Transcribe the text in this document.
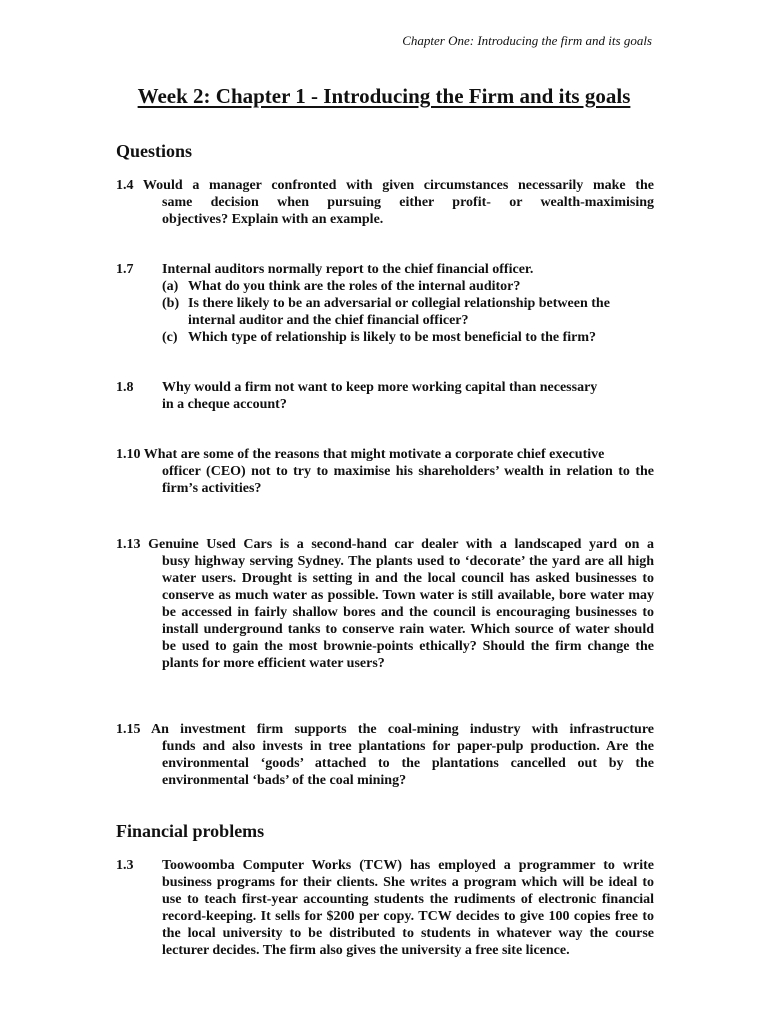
Chapter One: Introducing the firm and its goals
Week 2: Chapter 1 - Introducing the Firm and its goals
Questions
1.4 Would a manager confronted with given circumstances necessarily make the
same decision when pursuing either profit- or wealth-maximising
objectives? Explain with an example.
1.7	Internal auditors normally report to the chief financial officer.
(a) What do you think are the roles of the internal auditor?
(b) Is there likely to be an adversarial or collegial relationship between the internal auditor and the chief financial officer?
(c) Which type of relationship is likely to be most beneficial to the firm?
1.8	Why would a firm not want to keep more working capital than necessary
in a cheque account?
1.10 What are some of the reasons that might motivate a corporate chief executive
officer (CEO) not to try to maximise his shareholders’ wealth in relation to the firm’s activities?
1.13 Genuine Used Cars is a second-hand car dealer with a landscaped yard on a
busy highway serving Sydney. The plants used to ‘decorate’ the yard are all high water users. Drought is setting in and the local council has asked businesses to conserve as much water as possible. Town water is still available, bore water may be accessed in fairly shallow bores and the council is encouraging businesses to install underground tanks to conserve rain water. Which source of water should be used to gain the most brownie-points ethically? Should the firm change the plants for more efficient water users?
1.15 An investment firm supports the coal-mining industry with infrastructure
funds and also invests in tree plantations for paper-pulp production. Are the environmental ‘goods’ attached to the plantations cancelled out by the environmental ‘bads’ of the coal mining?
Financial problems
1.3	Toowoomba Computer Works (TCW) has employed a programmer to write
business programs for their clients. She writes a program which will be ideal to use to teach first-year accounting students the rudiments of electronic financial record-keeping. It sells for $200 per copy. TCW decides to give 100 copies free to the local university to be distributed to students in whatever way the course lecturer decides. The firm also gives the university a free site licence.
